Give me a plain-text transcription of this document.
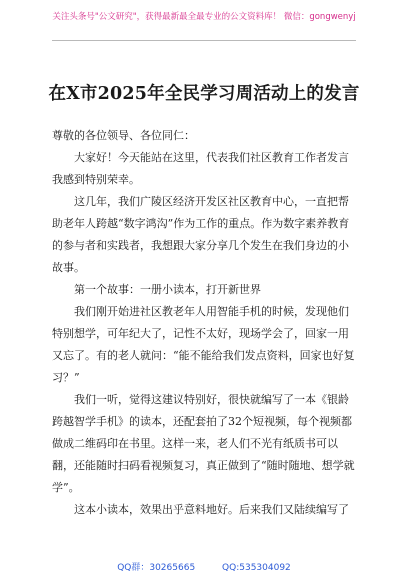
关注头条号"公文研究"，获得最新最全最专业的公文资料库！ 微信：gongwenyj
在X市2025年全民学习周活动上的发言

尊敬的各位领导、各位同仁：

大家好！今天能站在这里，代表我们社区教育工作者发言我感到特别荣幸。

这几年，我们广陵区经济开发区社区教育中心，一直把帮助老年人跨越“数字鸿沟”作为工作的重点。作为数字素养教育的参与者和实践者，我想跟大家分享几个发生在我们身边的小故事。

第一个故事：一册小读本，打开新世界

我们刚开始进社区教老年人用智能手机的时候，发现他们特别想学，可年纪大了，记性不太好，现场学会了，回家一用又忘了。有的老人就问：“能不能给我们发点资料，回家也好复习？”

我们一听，觉得这建议特别好，很快就编写了一本《银龄跨越智学手机》的读本，还配套拍了32个短视频，每个视频都做成二维码印在书里。这样一来，老人们不光有纸质书可以翻，还能随时扫码看视频复习，真正做到了“随时随地、想学就学”。

这本小读本，效果出乎意料地好。后来我们又陆续编写了

QQ群：30265665	QQ:535304092
